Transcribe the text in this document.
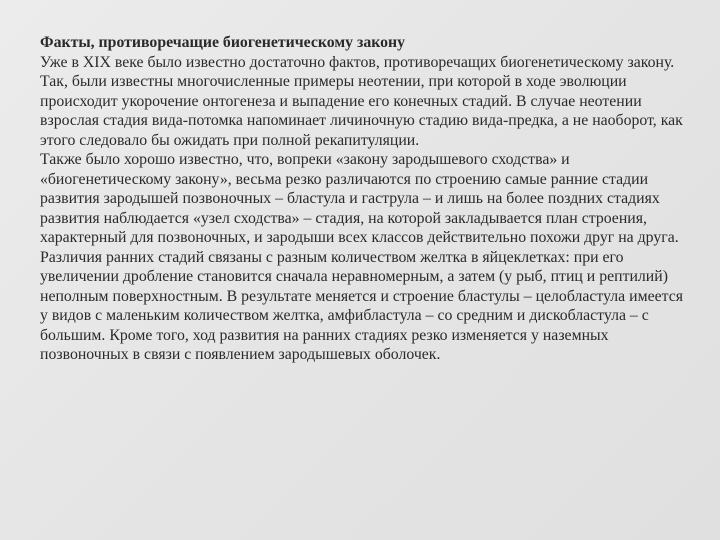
Факты, противоречащие биогенетическому закону

Уже в XIX веке было известно достаточно фактов, противоречащих биогенетическому закону. Так, были известны многочисленные примеры неотении, при которой в ходе эволюции происходит укорочение онтогенеза и выпадение его конечных стадий. В случае неотении взрослая стадия вида-потомка напоминает личиночную стадию вида-предка, а не наоборот, как этого следовало бы ожидать при полной рекапитуляции.

Также было хорошо известно, что, вопреки «закону зародышевого сходства» и «биогенетическому закону», весьма резко различаются по строению самые ранние стадии развития зародышей позвоночных – бластула и гаструла – и лишь на более поздних стадиях развития наблюдается «узел сходства» – стадия, на которой закладывается план строения, характерный для позвоночных, и зародыши всех классов действительно похожи друг на друга. Различия ранних стадий связаны с разным количеством желтка в яйцеклетках: при его увеличении дробление становится сначала неравномерным, а затем (у рыб, птиц и рептилий) неполным поверхностным. В результате меняется и строение бластулы – целобластула имеется у видов с маленьким количеством желтка, амфибластула – со средним и дискобластула – с большим. Кроме того, ход развития на ранних стадиях резко изменяется у наземных позвоночных в связи с появлением зародышевых оболочек.
